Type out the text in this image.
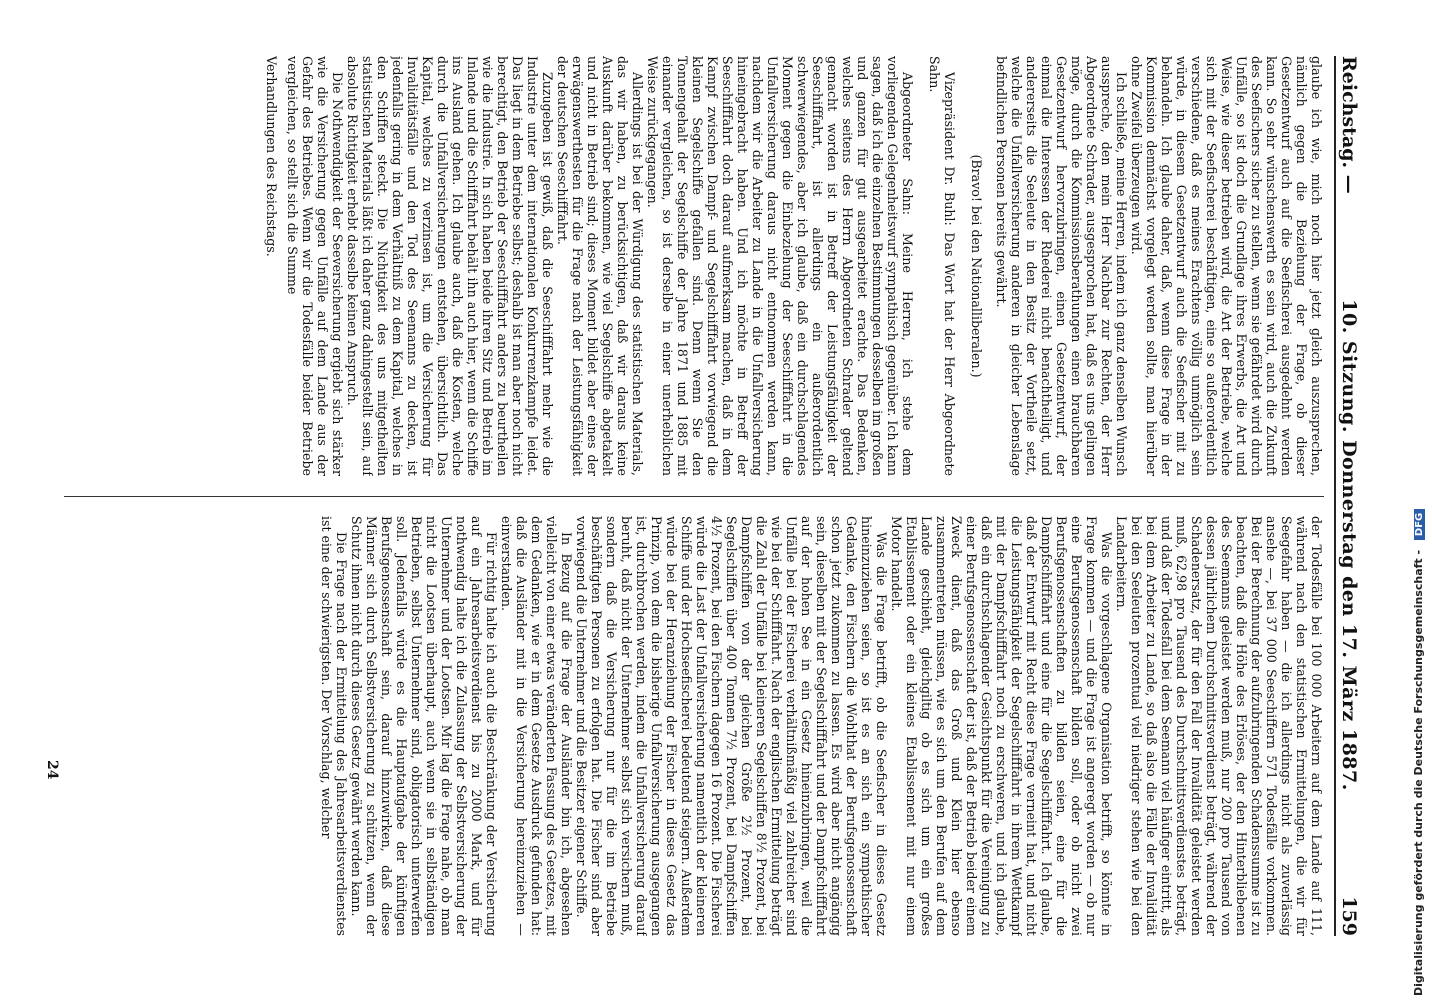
Reichstag. —
10. Sitzung. Donnerstag den 17. März 1887.
159

glaube ich wie, mich noch hier jetzt gleich auszusprechen, nämlich gegen die Beziehung der Frage, ob dieser Gesetzentwurf auch auf die Seefischerei ausgedehnt werden kann. So sehr wünschenswerth es sein wird, auch die Zukunft des Seefischers sicher zu stellen, wenn sie gefährdet wird durch Unfälle, so ist doch die Grundlage ihres Erwerbs, die Art und Weise, wie dieser betrieben wird, die Art der Betriebe, welche sich mit der Seefischerei beschäftigen, eine so außerordentlich verschiedene, daß es meines Erachtens völlig unmöglich sein würde, in diesem Gesetzentwurf auch die Seefischer mit zu behandeln. Ich glaube daher, daß, wenn diese Frage in der Kommission demnächst vorgelegt werden sollte, man hierüber ohne Zweifel überzeugen wird.

Ich schließe, meine Herren, indem ich ganz denselben Wunsch ausspreche, den mein Herr Nachbar zur Rechten, der Herr Abgeordnete Schrader, ausgesprochen hat, daß es uns gelingen möge, durch die Kommissionsberathungen einen brauchbaren Gesetzentwurf hervorzubringen, einen Gesetzentwurf, der einmal die Interessen der Rhederei nicht benachtheiligt, und andererseits die Seeleute in den Besitz der Vortheile setzt, welche die Unfallversicherung anderen in gleicher Lebenslage befindlichen Personen bereits gewährt.

(Bravo! bei den Nationalliberalen.)

Vizepräsident Dr. Buhl: Das Wort hat der Herr Abgeordnete Sahn.

Abgeordneter Sahn: Meine Herren, ich stehe dem vorliegenden Gelegenheitswurf sympathisch gegenüber. Ich kann sagen, daß ich die einzelnen Bestimmungen desselben im großen und ganzen für gut ausgearbeitet erachte. Das Bedenken, welches seitens des Herrn Abgeordneten Schrader geltend gemacht worden ist in Betreff der Leistungsfähigkeit der Seeschifffahrt, ist allerdings ein außerordentlich schwerwiegendes, aber ich glaube, daß ein durchschlagendes Moment gegen die Einbeziehung der Seeschifffahrt in die Unfallversicherung daraus nicht entnommen werden kann, nachdem wir die Arbeiter zu Lande in die Unfallversicherung hineingebracht haben. Und ich möchte in Betreff der Seeschifffahrt doch darauf aufmerksam machen, daß in dem Kampf zwischen Dampf- und Segelschifffahrt vorwiegend die kleinen Segelschiffe gefallen sind. Denn wenn Sie den Tonnengehalt der Segelschiffe der Jahre 1871 und 1885 mit einander vergleichen, so ist derselbe in einer unerheblichen Weise zurückgegangen.

Allerdings ist bei der Würdigung des statistischen Materials, das wir haben, zu berücksichtigen, daß wir daraus keine Auskunft darüber bekommen, wie viel Segelschiffe abgetakelt und nicht in Betrieb sind; dieses Moment bildet aber eines der erwägenswerthesten für die Frage nach der Leistungsfähigkeit der deutschen Seeschifffahrt.

Zuzugeben ist gewiß, daß die Seeschifffahrt mehr wie die Industrie unter dem internationalen Konkurrenzkampfe leidet. Das liegt in dem Betriebe selbst; deshalb ist man aber noch nicht berechtigt, den Betrieb der Seeschifffahrt anders zu beurtheilen wie die Industrie. In sich haben beide ihren Sitz und Betrieb im Inlande und die Schifffahrt behält ihn auch hier, wenn die Schiffe ins Ausland gehen. Ich glaube auch, daß die Kosten, welche durch die Unfallversicherungen entstehen, übersichtlich. Das Kapital, welches zu verzinsen ist, um die Versicherung für Invaliditätsfälle und den Tod des Seemanns zu decken, ist jedenfalls gering in dem Verhältniß zu dem Kapital, welches in den Schiffen steckt. Die Nichtigkeit des uns mitgetheilten statistischen Materials läßt ich daher ganz dahingestellt sein, auf absolute Richtigkeit erhebt dasselbe keinen Anspruch.

Die Nothwendigkeit der Seeversicherung ergiebt sich stärker wie die Versicherung gegen Unfälle auf dem Lande aus der Gefahr des Betriebes. Wenn wir die Todesfälle beider Betriebe vergleichen, so stellt sich die Summe

Verhandlungen des Reichstags.

der Todesfälle bei 100 000 Arbeitern auf dem Lande auf 111, während nach den statistischen Ermittelungen, die wir für Seegefahr haben — die ich allerdings nicht als zuverlässig ansehe —, bei 37 000 Seeschiffern 571 Todesfälle vorkommen. Bei der Berechnung der aufzubringenden Schadenssumme ist zu beachten, daß die Höhe des Erlöses, der den Hinterbliebenen des Seemanns geleistet werden muß, nur 200 pro Tausend von dessen jährlichem Durchschnittsverdienst beträgt, während der Schadenersatz, der für den Fall der Invalidität geleistet werden muß, 62,98 pro Tausend des Durchschnittsverdienstes beträgt, und daß der Todesfall bei dem Seemann viel häufiger eintritt, als bei dem Arbeiter zu Lande, so daß also die Fälle der Invalidität bei den Seeleuten prozentual viel niedriger stehen wie bei den Landarbeitern.

Was die vorgeschlagene Organisation betrifft, so könnte in Frage kommen — und die Frage ist angeregt worden — ob nur eine Berufsgenossenschaft bilden soll, oder ob nicht zwei Berufsgenossenschaften zu bilden seien, eine für die Dampfschifffahrt und eine für die Segelschifffahrt. Ich glaube, daß der Entwurf mit Recht diese Frage verneint hat, und nicht die Leistungsfähigkeit der Segelschifffahrt in ihrem Wettkampf mit der Dampfschifffahrt noch zu erschweren, und ich glaube, daß ein durchschlagender Gesichtspunkt für die Vereinigung zu einer Berufsgenossenschaft der ist, daß der Betrieb beider einem Zweck dient, daß das Groß und Klein hier ebenso zusammentreten müssen, wie es sich um den Berufen auf dem Lande geschieht, gleichgiltig ob es sich um ein großes Etablissement oder ein kleines Etablissement mit nur einem Motor handelt.

Was die Frage betrifft, ob die Seefischer in dieses Gesetz hineinzuziehen seien, so ist es an sich ein sympathischer Gedanke, den Fischern die Wohlthat der Berufsgenossenschaft schon jetzt zukommen zu lassen. Es wird aber nicht angängig sein, dieselben mit der Segelschifffahrt und der Dampfschifffahrt auf der hohen See in ein Gesetz hineinzubringen, weil die Unfälle bei der Fischerei verhältnißmäßig viel zahlreicher sind wie bei der Schifffahrt. Nach der englischen Ermittelung beträgt die Zahl der Unfälle bei kleineren Segelschiffen 8½ Prozent, bei Dampfschiffen von der gleichen Größe 2½ Prozent, bei Segelschiffen über 400 Tonnen 7½ Prozent, bei Dampfschiffen 4½ Prozent, bei den Fischern dagegen 16 Prozent. Die Fischerei würde die Last der Unfallversicherung namentlich der kleineren Schiffe und der Hochseefischerei bedeutend steigern. Außerdem würde bei der Heranziehung der Fischer in dieses Gesetz das Prinzip, von dem die bisherige Unfallversicherung ausgegangen ist, durchbrochen werden, indem die Unfallversicherung darauf beruht, daß nicht der Unternehmer selbst sich versichern muß, sondern daß die Versicherung nur für die im Betriebe beschäftigten Personen zu erfolgen hat. Die Fischer sind aber vorwiegend die Unternehmer und die Besitzer eigener Schiffe.

In Bezug auf die Frage der Ausländer bin ich, abgesehen vielleicht von einer etwas veränderten Fassung des Gesetzes, mit dem Gedanken, wie er in dem Gesetze Ausdruck gefunden hat: daß die Ausländer mit in die Versicherung hereinzuziehen — einverstanden.

Für richtig halte ich auch die Beschränkung der Versicherung auf ein Jahresarbeitsverdienst bis zu 2000 Mark, und für nothwendig halte ich die Zulassung der Selbstversicherung der Unternehmer und der Lootsen. Mir lag die Frage nahe, ob man nicht die Lootsen überhaupt, auch wenn sie in selbständigen Betrieben, selbst Unternehmer sind, obligatorisch unterwerfen soll. Jedenfalls würde es die Hauptaufgabe der künftigen Berufsgenossenschaft sein, darauf hinzuwirken, daß diese Männer sich durch Selbstversicherung zu schützen, wenn der Schutz ihnen nicht durch dieses Gesetz gewährt werden kann.

Die Frage nach der Ermittelung des Jahresarbeitsverdienstes ist eine der schwierigsten. Der Vorschlag, welcher

24	Digitalisierung gefördert durch die Deutsche Forschungsgemeinschaft - DFG
